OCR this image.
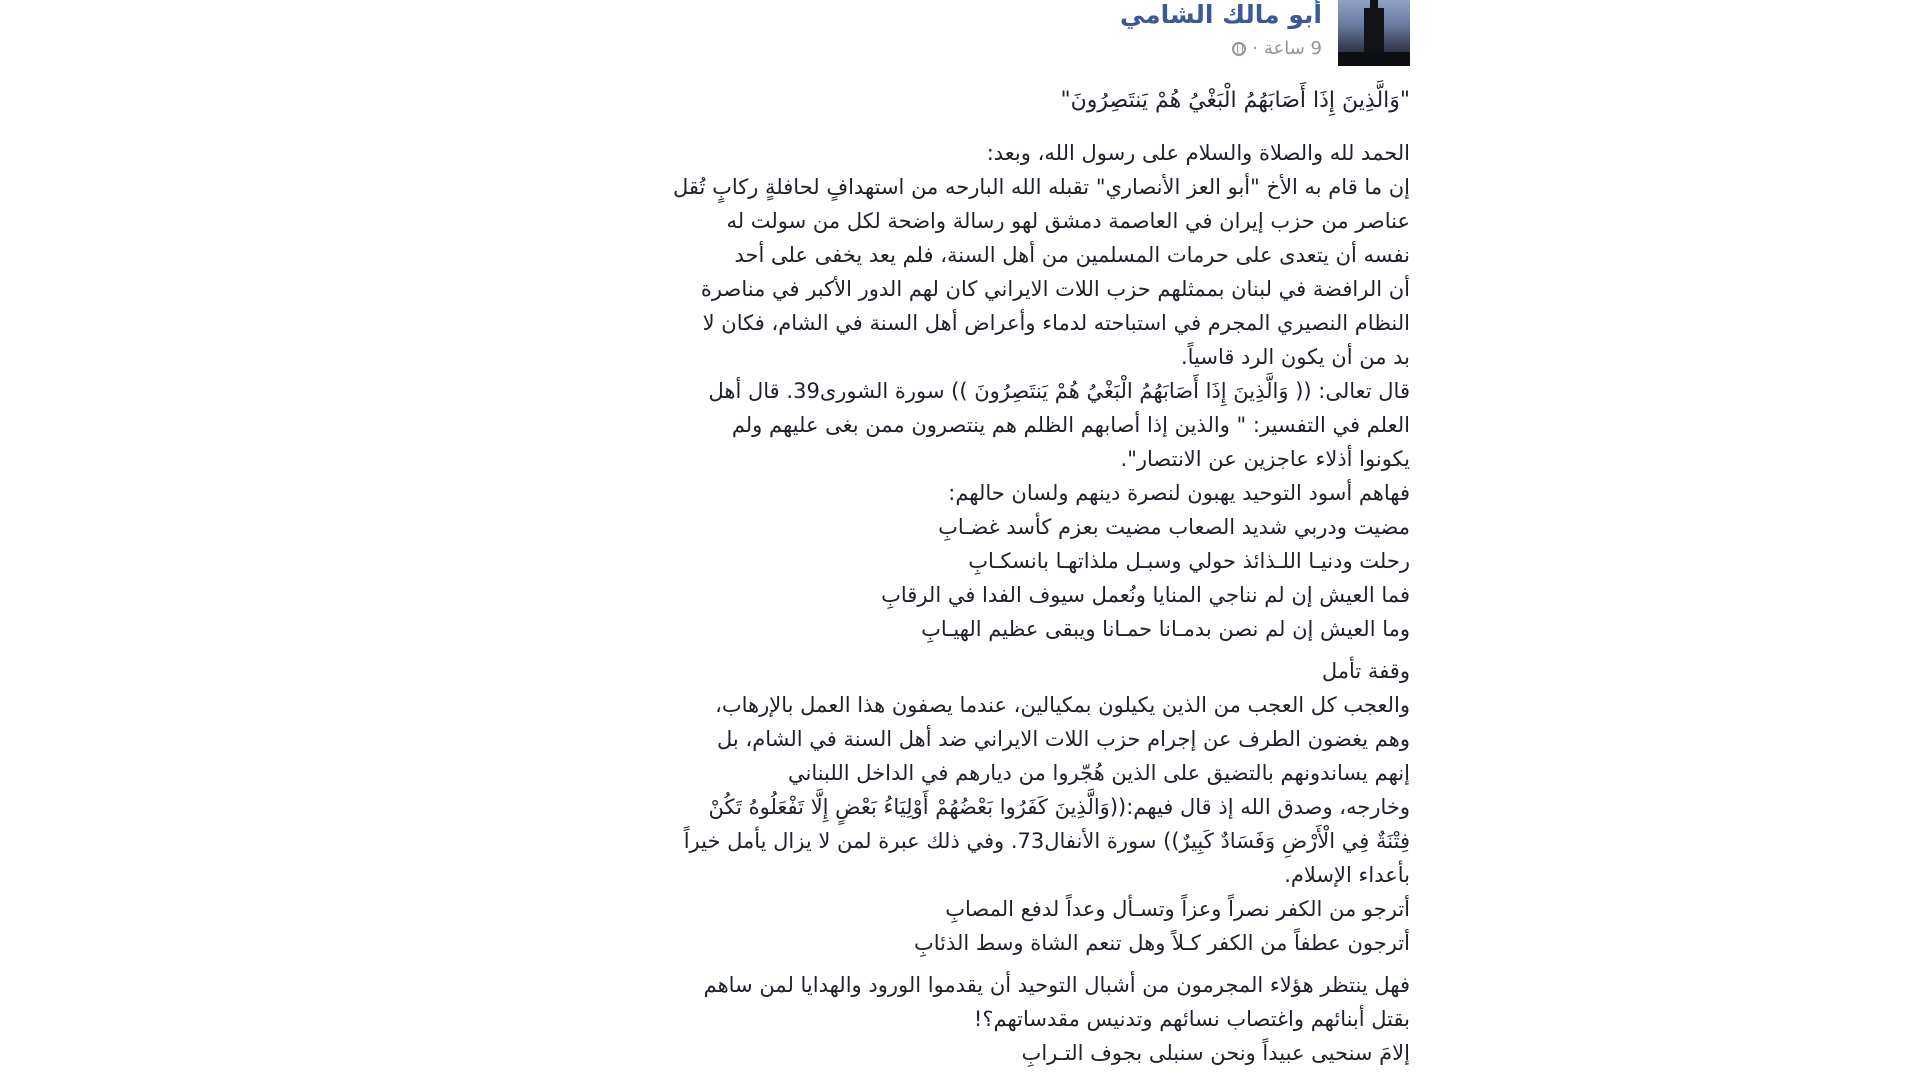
أبو مالك الشامي
9 ساعة
·

"وَالَّذِينَ إِذَا أَصَابَهُمُ الْبَغْيُ هُمْ يَنتَصِرُونَ"

الحمد لله والصلاة والسلام على رسول الله، وبعد:

إن ما قام به الأخ "أبو العز الأنصاري" تقبله الله البارحه من استهدافٍ لحافلةٍ ركابٍ تُقل

عناصر من حزب إيران في العاصمة دمشق لهو رسالة واضحة لكل من سولت له

نفسه أن يتعدى على حرمات المسلمين من أهل السنة، فلم يعد يخفى على أحد

أن الرافضة في لبنان بممثلهم حزب اللات الايراني كان لهم الدور الأكبر في مناصرة

النظام النصيري المجرم في استباحته لدماء وأعراض أهل السنة في الشام، فكان لا

بد من أن يكون الرد قاسياً.

قال تعالى: (( وَالَّذِينَ إِذَا أَصَابَهُمُ الْبَغْيُ هُمْ يَنتَصِرُونَ )) سورة الشورى39. قال أهل

العلم في التفسير: " والذين إذا أصابهم الظلم هم ينتصرون ممن بغى عليهم ولم

يكونوا أذلاء عاجزين عن الانتصار".

فهاهم أسود التوحيد يهبون لنصرة دينهم ولسان حالهم:

مضيت ودربي شديد الصعاب مضيت بعزم كأسد غضـابِ

رحلت ودنيـا اللـذائذ حولي وسبـل ملذاتهـا بانسكـابِ

فما العيش إن لم نناجي المنايا ونُعمل سيوف الفدا في الرقابِ

وما العيش إن لم نصن بدمـانا حمـانا ويبقى عظيم الهيـابِ

وقفة تأمل

والعجب كل العجب من الذين يكيلون بمكيالين، عندما يصفون هذا العمل بالإرهاب،

وهم يغضون الطرف عن إجرام حزب اللات الايراني ضد أهل السنة في الشام، بل

إنهم يساندونهم بالتضيق على الذين هُجّروا من ديارهم في الداخل اللبناني

وخارجه، وصدق الله إذ قال فيهم:((وَالَّذِينَ كَفَرُوا بَعْضُهُمْ أَوْلِيَاءُ بَعْضٍ إِلَّا تَفْعَلُوهُ تَكُنْ

فِتْنَةٌ فِي الْأَرْضِ وَفَسَادٌ كَبِيرٌ)) سورة الأنفال73. وفي ذلك عبرة لمن لا يزال يأمل خيراً

بأعداء الإسلام.

أترجو من الكفر نصراً وعزاً وتسـأل وعداً لدفع المصابِ

أترجون عطفاً من الكفر كـلاً وهل تنعم الشاة وسط الذئابِ

فهل ينتظر هؤلاء المجرمون من أشبال التوحيد أن يقدموا الورود والهدايا لمن ساهم

بقتل أبنائهم واغتصاب نسائهم وتدنيس مقدساتهم؟!

إلامَ سنحيى عبيداً ونحن سنبلى بجوف التـرابِ
